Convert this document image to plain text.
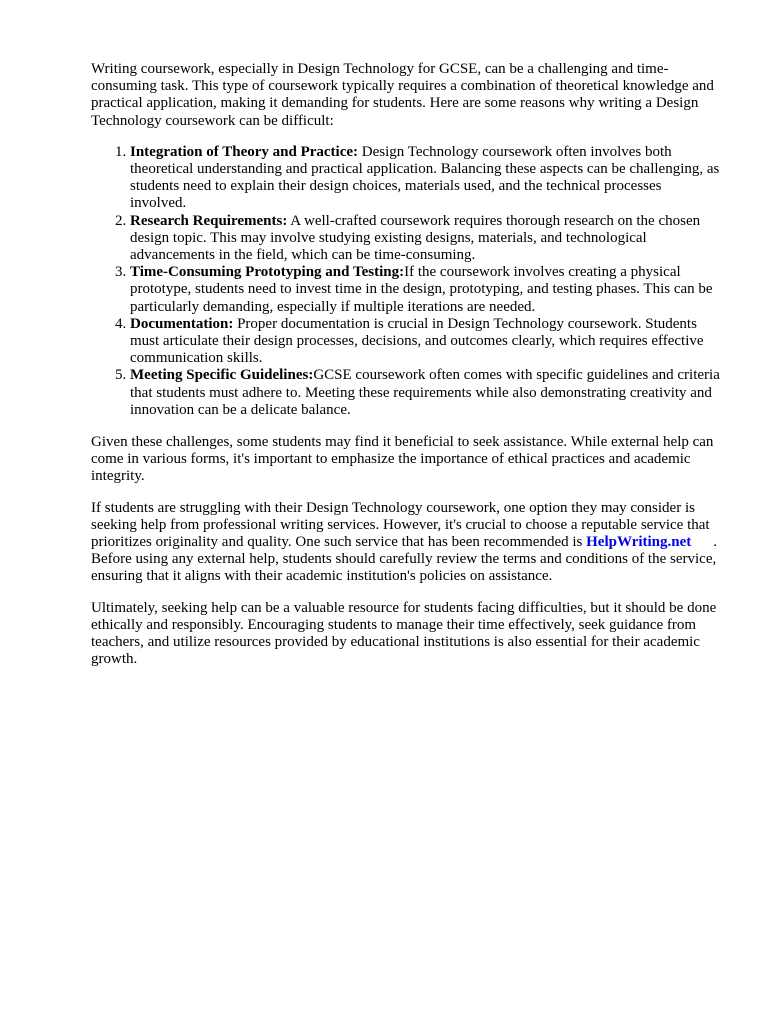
Writing coursework, especially in Design Technology for GCSE, can be a challenging and time-consuming task. This type of coursework typically requires a combination of theoretical knowledge and practical application, making it demanding for students. Here are some reasons why writing a Design Technology coursework can be difficult:

1. Integration of Theory and Practice: Design Technology coursework often involves both theoretical understanding and practical application. Balancing these aspects can be challenging, as students need to explain their design choices, materials used, and the technical processes involved.
2. Research Requirements: A well-crafted coursework requires thorough research on the chosen design topic. This may involve studying existing designs, materials, and technological advancements in the field, which can be time-consuming.
3. Time-Consuming Prototyping and Testing:If the coursework involves creating a physical prototype, students need to invest time in the design, prototyping, and testing phases. This can be particularly demanding, especially if multiple iterations are needed.
4. Documentation: Proper documentation is crucial in Design Technology coursework. Students must articulate their design processes, decisions, and outcomes clearly, which requires effective communication skills.
5. Meeting Specific Guidelines:GCSE coursework often comes with specific guidelines and criteria that students must adhere to. Meeting these requirements while also demonstrating creativity and innovation can be a delicate balance.

Given these challenges, some students may find it beneficial to seek assistance. While external help can come in various forms, it's important to emphasize the importance of ethical practices and academic integrity.

If students are struggling with their Design Technology coursework, one option they may consider is seeking help from professional writing services. However, it's crucial to choose a reputable service that prioritizes originality and quality. One such service that has been recommended is HelpWriting.net . Before using any external help, students should carefully review the terms and conditions of the service, ensuring that it aligns with their academic institution's policies on assistance.

Ultimately, seeking help can be a valuable resource for students facing difficulties, but it should be done ethically and responsibly. Encouraging students to manage their time effectively, seek guidance from teachers, and utilize resources provided by educational institutions is also essential for their academic growth.
